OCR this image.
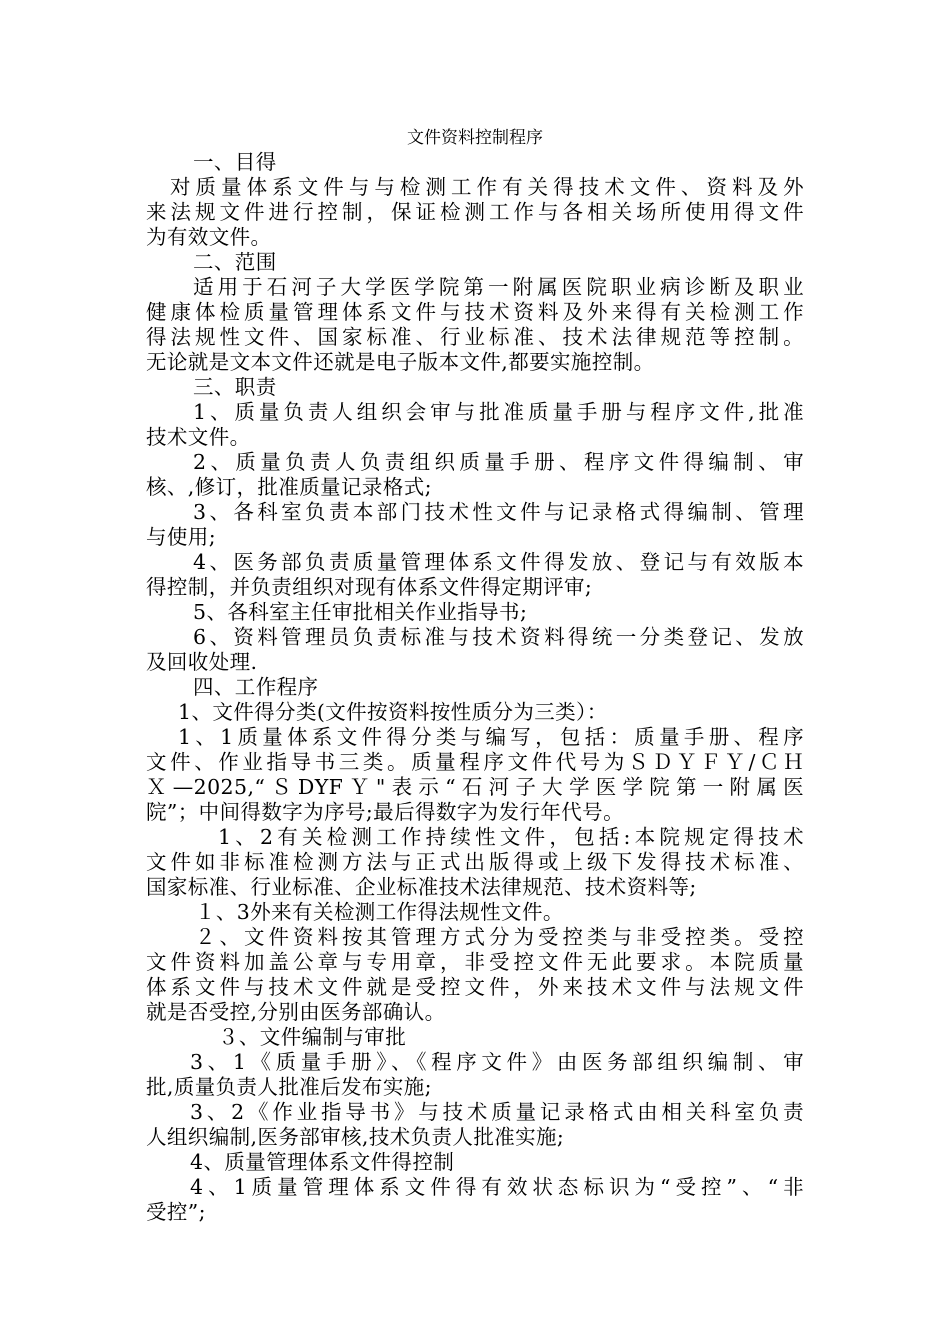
文件资料控制程序
一、目得
对质量体系文件与与检测工作有关得技术文件、资料及外
来法规文件进行控制，保证检测工作与各相关场所使用得文件
为有效文件。
二、范围
适用于石河子大学医学院第一附属医院职业病诊断及职业
健康体检质量管理体系文件与技术资料及外来得有关检测工作
得法规性文件、国家标准、行业标准、技术法律规范等控制。
无论就是文本文件还就是电子版本文件,都要实施控制。
三、职责
1、质量负责人组织会审与批准质量手册与程序文件,批准
技术文件。
2、质量负责人负责组织质量手册、程序文件得编制、审
核、,修订，批准质量记录格式;
3、各科室负责本部门技术性文件与记录格式得编制、管理
与使用;
4、医务部负责质量管理体系文件得发放、登记与有效版本
得控制，并负责组织对现有体系文件得定期评审;
5、各科室主任审批相关作业指导书;
6、资料管理员负责标准与技术资料得统一分类登记、发放
及回收处理.
四、工作程序
1、文件得分类(文件按资料按性质分为三类）：
1、1质量体系文件得分类与编写，包括：质量手册、程序
文件、作业指导书三类。质量程序文件代号为ＳＤＹＦＹ/ＣＨ
Ｘ—2025,“ＳDYFＹ"表示“石河子大学医学院第一附属医
院”；中间得数字为序号;最后得数字为发行年代号。
1、2有关检测工作持续性文件，包括:本院规定得技术
文件如非标准检测方法与正式出版得或上级下发得技术标准、
国家标准、行业标准、企业标准技术法律规范、技术资料等;
１、3外来有关检测工作得法规性文件。
２、文件资料按其管理方式分为受控类与非受控类。受控
文件资料加盖公章与专用章，非受控文件无此要求。本院质量
体系文件与技术文件就是受控文件，外来技术文件与法规文件
就是否受控,分别由医务部确认。
３、文件编制与审批
3、1《质量手册》、《程序文件》由医务部组织编制、审
批,质量负责人批准后发布实施;
3、2《作业指导书》与技术质量记录格式由相关科室负责
人组织编制,医务部审核,技术负责人批准实施;
4、质量管理体系文件得控制
4、1质量管理体系文件得有效状态标识为“受控”、“非
受控”;
